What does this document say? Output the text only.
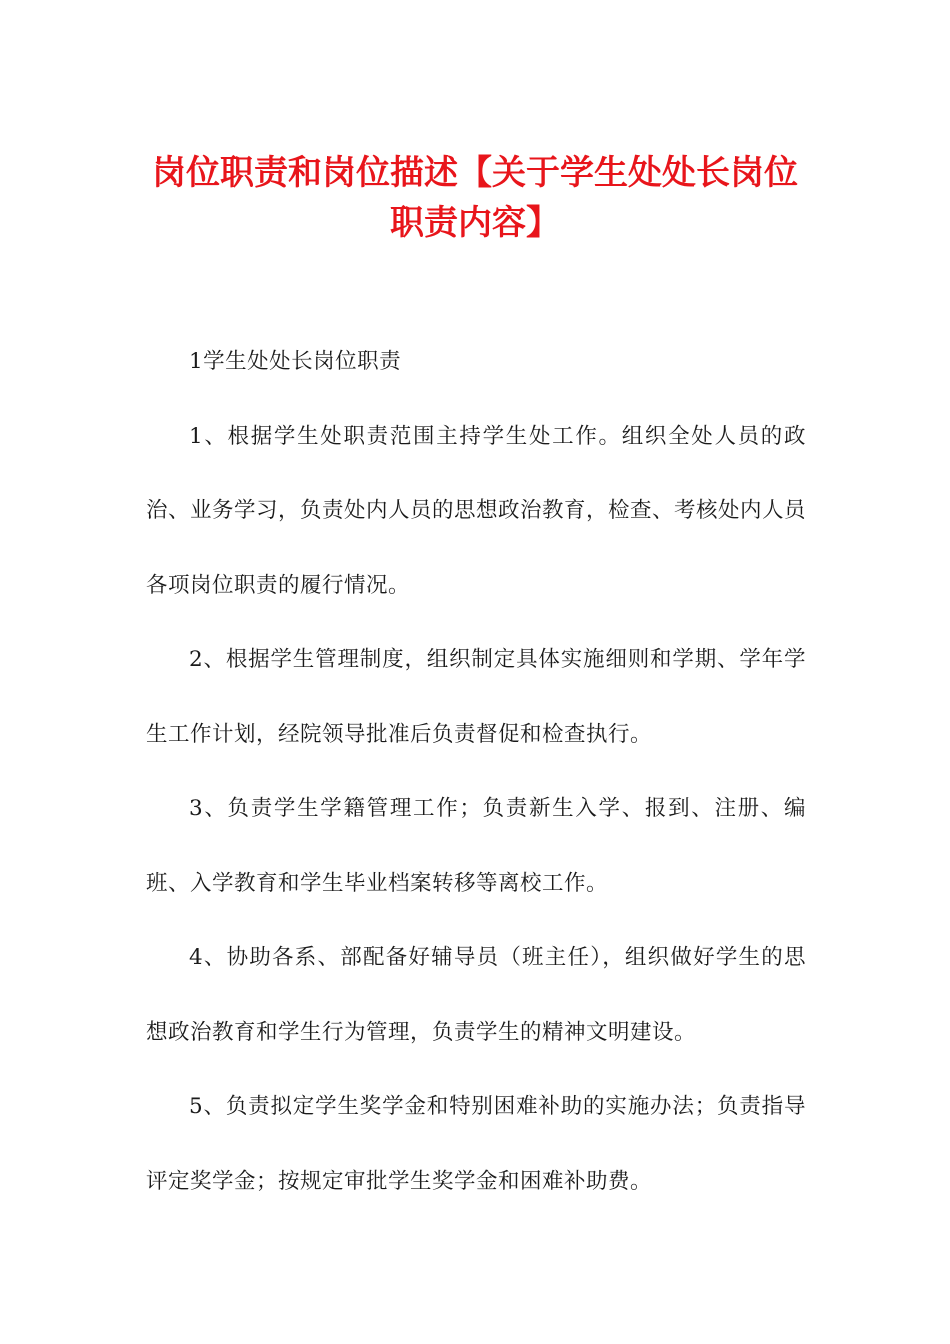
岗位职责和岗位描述【关于学生处处长岗位职责内容】

1学生处处长岗位职责

1、根据学生处职责范围主持学生处工作。组织全处人员的政治、业务学习，负责处内人员的思想政治教育，检查、考核处内人员各项岗位职责的履行情况。

2、根据学生管理制度，组织制定具体实施细则和学期、学年学生工作计划，经院领导批准后负责督促和检查执行。

3、负责学生学籍管理工作；负责新生入学、报到、注册、编班、入学教育和学生毕业档案转移等离校工作。

4、协助各系、部配备好辅导员（班主任），组织做好学生的思想政治教育和学生行为管理，负责学生的精神文明建设。

5、负责拟定学生奖学金和特别困难补助的实施办法；负责指导评定奖学金；按规定审批学生奖学金和困难补助费。
